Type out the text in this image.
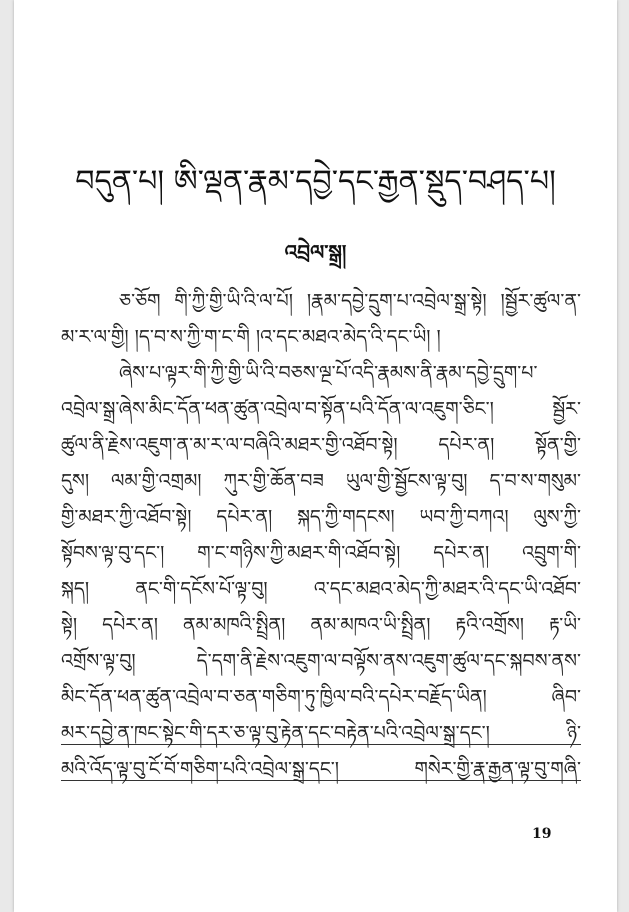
བདུན་པ། ཨི་ལྡན་རྣམ་དབྱེ་དང་རྒྱན་སྡུད་བཤད་པ།
འབྲེལ་སྒྲ།
ཅ་ཅོག གི་ཀྱི་གྱི་ཡི་འི་ལ་པོ། །རྣམ་དབྱེ་དྲུག་པ་འབྲེལ་སྒྲ་སྟེ། །སྦྱོར་ཚུལ་ན་
མ་ར་ལ་གྱི། །ད་བ་ས་ཀྱི་ག་ང་གི །འ་དང་མཐའ་མེད་འི་དང་ཡི། །
ཞེས་པ་ལྟར་གི་ཀྱི་གྱི་ཡི་འི་བཅས་ལྔ་པོ་འདི་རྣམས་ནི་རྣམ་དབྱེ་དྲུག་པ་
འབྲེལ་སྒྲ་ཞེས་མིང་དོན་ཕན་ཚུན་འབྲེལ་བ་སྟོན་པའི་དོན་ལ་འཇུག་ཅིང་། སྦྱོར་
ཚུལ་ནི་རྗེས་འཇུག་ན་མ་ར་ལ་བཞིའི་མཐར་གྱི་འཐོབ་སྟེ། དཔེར་ན། སྟོན་གྱི་
དུས། ལམ་གྱི་འགྲམ། ཀུར་གྱི་ཆོན་བཟ ཡུལ་གྱི་སྦྱོངས་ལྟ་བུ། ད་བ་ས་གསུམ་
གྱི་མཐར་ཀྱི་འཐོབ་སྟེ། དཔེར་ན། སྐད་ཀྱི་གདངས། ཡབ་ཀྱི་བཀའ། ལུས་ཀྱི་
སྟོབས་ལྟ་བུ་དང་། ག་ང་གཉིས་ཀྱི་མཐར་གི་འཐོབ་སྟེ། དཔེར་ན། འབྲུག་གི་
སྐད། ནང་གི་དངོས་པོ་ལྟ་བུ། འ་དང་མཐའ་མེད་ཀྱི་མཐར་འི་དང་ཡི་འཐོབ་
སྟེ། དཔེར་ན། ནམ་མཁའི་སྤྲིན། ནམ་མཁའ་ཡི་སྤྲིན། རྟའི་འགྲོས། རྟ་ཡི་
འགྲོས་ལྟ་བུ། དེ་དག་ནི་རྗེས་འཇུག་ལ་བལྟོས་ནས་འཇུག་ཚུལ་དང་སྐབས་ནས་
མིང་དོན་ཕན་ཚུན་འབྲེལ་བ་ཅན་གཅིག་ཏུ་ཁྱིལ་བའི་དཔེར་བརྗོད་ཡིན། ཞིབ་
མར་དབྱེ་ན་ཁང་སྟེང་གི་དར་ཅ་ལྟ་བུ་རྟེན་དང་བརྟེན་པའི་འབྲེལ་སྒྲ་དང་། ཉི་
མའི་འོད་ལྟ་བུ་ངོ་བོ་གཅིག་པའི་འབྲེལ་སྒྲ་དང་། གསེར་གྱི་རྣ་རྒྱན་ལྟ་བུ་གཞི་
19
